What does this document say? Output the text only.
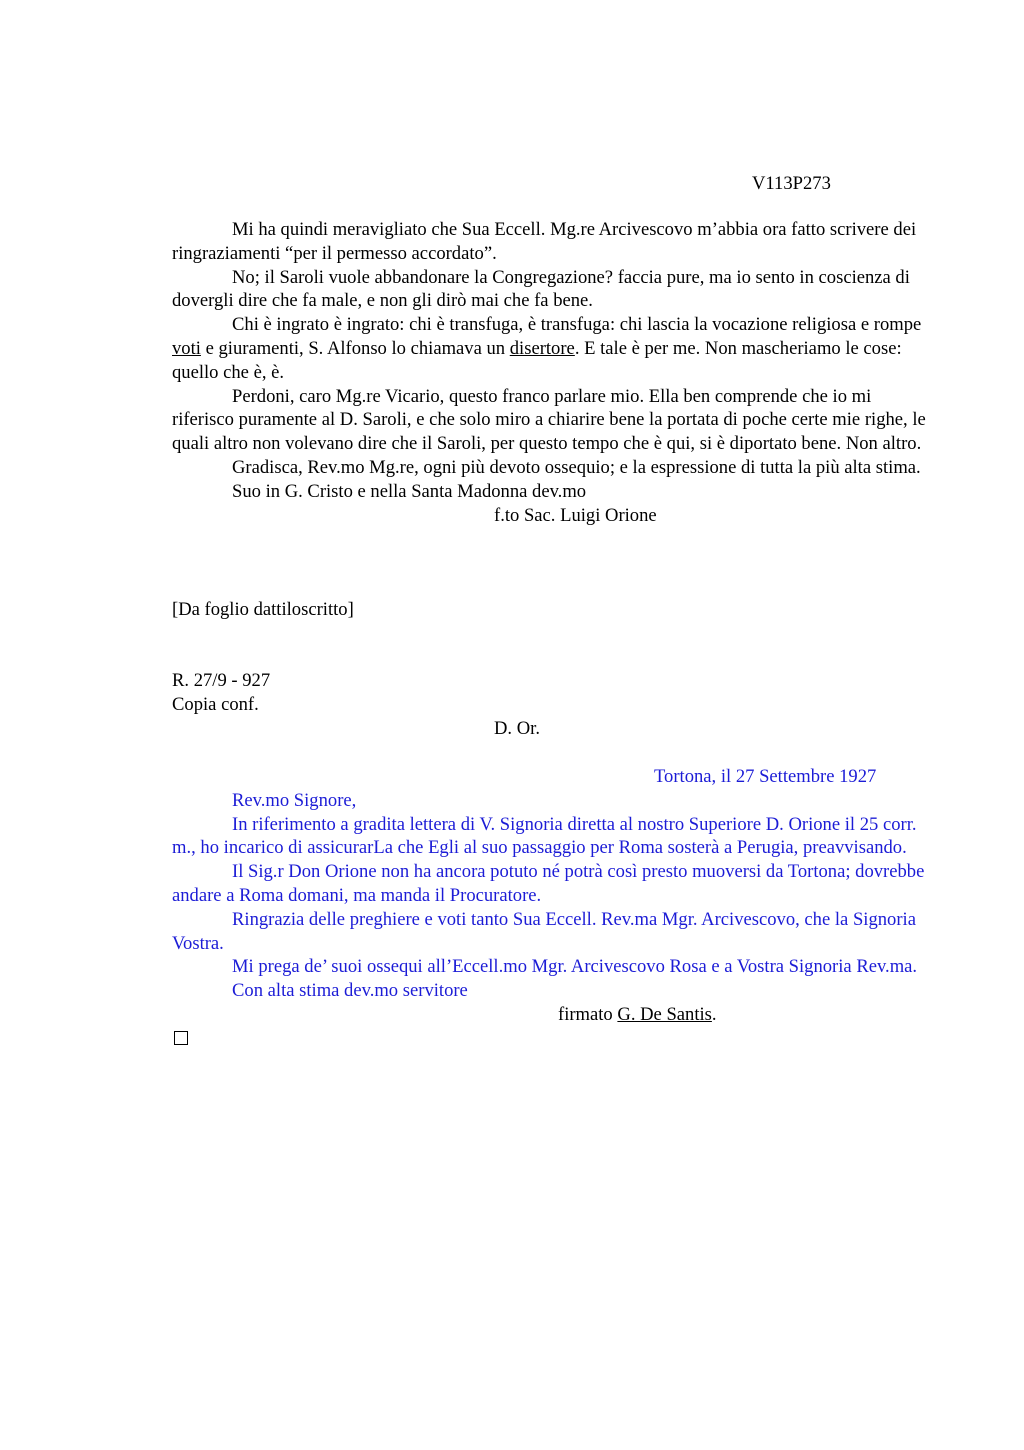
V113P273

Mi ha quindi meravigliato che Sua Eccell. Mg.re Arcivescovo m’abbia ora fatto scrivere dei ringraziamenti “per il permesso accordato”.

No; il Saroli vuole abbandonare la Congregazione? faccia pure, ma io sento in coscienza di dovergli dire che fa male, e non gli dirò mai che fa bene.

Chi è ingrato è ingrato: chi è transfuga, è transfuga: chi lascia la vocazione religiosa e rompe voti e giuramenti, S. Alfonso lo chiamava un disertore. E tale è per me. Non mascheriamo le cose: quello che è, è.

Perdoni, caro Mg.re Vicario, questo franco parlare mio. Ella ben comprende che io mi riferisco puramente al D. Saroli, e che solo miro a chiarire bene la portata di poche certe mie righe, le quali altro non volevano dire che il Saroli, per questo tempo che è qui, si è diportato bene. Non altro.

Gradisca, Rev.mo Mg.re, ogni più devoto ossequio; e la espressione di tutta la più alta stima.

Suo in G. Cristo e nella Santa Madonna dev.mo

f.to Sac. Luigi Orione

[Da foglio dattiloscritto]

R. 27/9 - 927

Copia conf.

D. Or.

Tortona, il 27 Settembre 1927

Rev.mo Signore,

In riferimento a gradita lettera di V. Signoria diretta al nostro Superiore D. Orione il 25 corr. m., ho incarico di assicurarLa che Egli al suo passaggio per Roma sosterà a Perugia, preavvisando.

Il Sig.r Don Orione non ha ancora potuto né potrà così presto muoversi da Tortona; dovrebbe andare a Roma domani, ma manda il Procuratore.

Ringrazia delle preghiere e voti tanto Sua Eccell. Rev.ma Mgr. Arcivescovo, che la Signoria Vostra.

Mi prega de’ suoi ossequi all’Eccell.mo Mgr. Arcivescovo Rosa e a Vostra Signoria Rev.ma.

Con alta stima dev.mo servitore

firmato G. De Santis.
